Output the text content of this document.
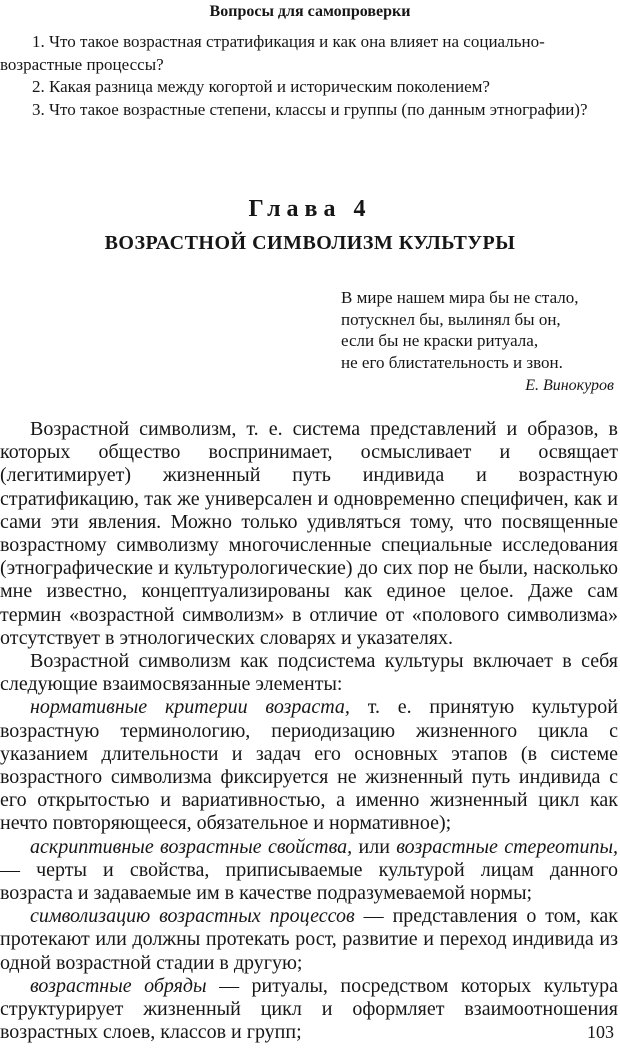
Вопросы для самопроверки

1. Что такое возрастная стратификация и как она влияет на социально-возрастные процессы?

2. Какая разница между когортой и историческим поколением?

3. Что такое возрастные степени, классы и группы (по данным этнографии)?

Глава 4
ВОЗРАСТНОЙ СИМВОЛИЗМ КУЛЬТУРЫ

В мире нашем мира бы не стало,

потускнел бы, вылинял бы он,

если бы не краски ритуала,

не его блистательность и звон.

Е. Винокуров

Возрастной символизм, т. е. система представлений и образов, в которых общество воспринимает, осмысливает и освящает (легитимирует) жизненный путь индивида и возрастную стратификацию, так же универсален и одновременно специфичен, как и сами эти явления. Можно только удивляться тому, что посвященные возрастному символизму многочисленные специальные исследования (этнографические и культурологические) до сих пор не были, насколько мне известно, концептуализированы как единое целое. Даже сам термин «возрастной символизм» в отличие от «полового символизма» отсутствует в этнологических словарях и указателях.

Возрастной символизм как подсистема культуры включает в себя следующие взаимосвязанные элементы:

нормативные критерии возраста, т. е. принятую культурой возрастную терминологию, периодизацию жизненного цикла с указанием длительности и задач его основных этапов (в системе возрастного символизма фиксируется не жизненный путь индивида с его открытостью и вариативностью, а именно жизненный цикл как нечто повторяющееся, обязательное и нормативное);

аскриптивные возрастные свойства, или возрастные стереотипы, — черты и свойства, приписываемые культурой лицам данного возраста и задаваемые им в качестве подразумеваемой нормы;

символизацию возрастных процессов — представления о том, как протекают или должны протекать рост, развитие и переход индивида из одной возрастной стадии в другую;

возрастные обряды — ритуалы, посредством которых культура структурирует жизненный цикл и оформляет взаимоотношения возрастных слоев, классов и групп;	103
